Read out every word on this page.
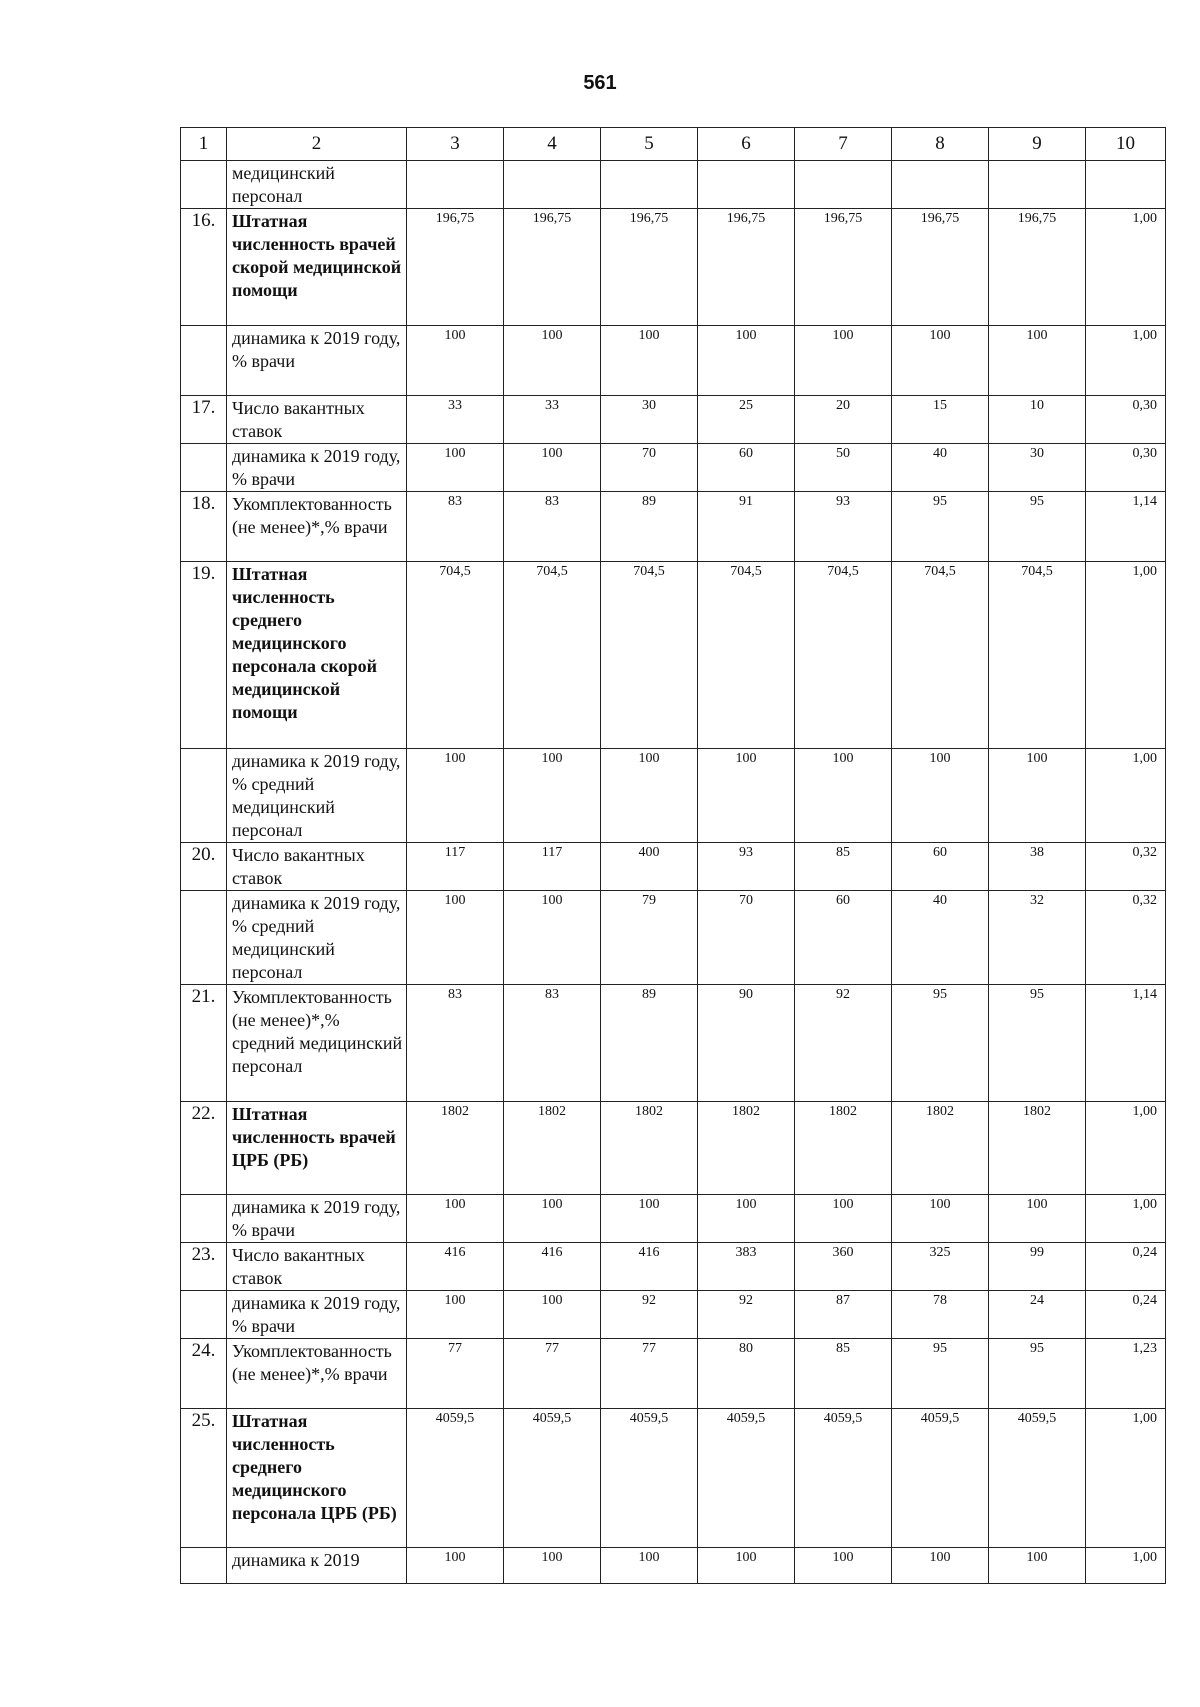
561
1	2	3	4	5	6	7	8	9	10
	медицинский персонал								
16.	Штатная численность врачей скорой медицинской помощи	196,75	196,75	196,75	196,75	196,75	196,75	196,75	1,00
	динамика к 2019 году, % врачи	100	100	100	100	100	100	100	1,00
17.	Число вакантных ставок	33	33	30	25	20	15	10	0,30
	динамика к 2019 году, % врачи	100	100	70	60	50	40	30	0,30
18.	Укомплектованность (не менее)*,% врачи	83	83	89	91	93	95	95	1,14
19.	Штатная численность среднего медицинского персонала скорой медицинской помощи	704,5	704,5	704,5	704,5	704,5	704,5	704,5	1,00
	динамика к 2019 году, % средний медицинский персонал	100	100	100	100	100	100	100	1,00
20.	Число вакантных ставок	117	117	400	93	85	60	38	0,32
	динамика к 2019 году, % средний медицинский персонал	100	100	79	70	60	40	32	0,32
21.	Укомплектованность (не менее)*,% средний медицинский персонал	83	83	89	90	92	95	95	1,14
22.	Штатная численность врачей ЦРБ (РБ)	1802	1802	1802	1802	1802	1802	1802	1,00
	динамика к 2019 году, % врачи	100	100	100	100	100	100	100	1,00
23.	Число вакантных ставок	416	416	416	383	360	325	99	0,24
	динамика к 2019 году, % врачи	100	100	92	92	87	78	24	0,24
24.	Укомплектованность (не менее)*,% врачи	77	77	77	80	85	95	95	1,23
25.	Штатная численность среднего медицинского персонала ЦРБ (РБ)	4059,5	4059,5	4059,5	4059,5	4059,5	4059,5	4059,5	1,00
	динамика к 2019	100	100	100	100	100	100	100	1,00
